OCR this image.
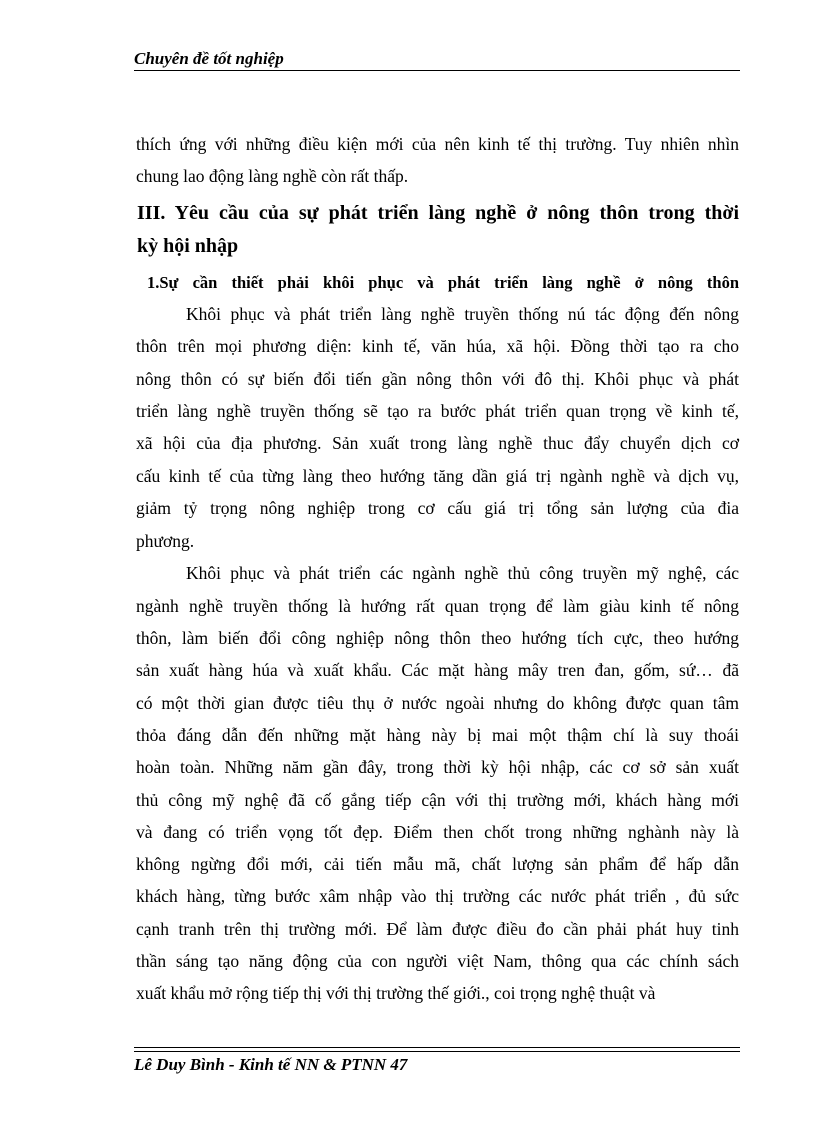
Chuyên đề tốt nghiệp
thích ứng với những điều kiện mới của nên kinh tế thị trường. Tuy nhiên nhìn
chung lao động làng nghề còn rất thấp.
III. Yêu cầu của sự phát triển làng nghề ở nông thôn trong thời
kỳ hội nhập
1.Sự cần thiết phải khôi phục và phát triển làng nghề ở nông thôn
Khôi phục và phát triển làng nghề truyền thống nú tác động đến nông
thôn trên mọi phương diện: kinh tế, văn húa, xã hội. Đồng thời tạo ra cho
nông thôn có sự biến đổi tiến gần nông thôn với đô thị. Khôi phục và phát
triển làng nghề truyền thống sẽ tạo ra bước phát triển quan trọng về kinh tế,
xã hội của địa phương. Sản xuất trong làng nghề thuc đẩy chuyển dịch cơ
cấu kinh tế của từng làng theo hướng tăng dần giá trị ngành nghề và dịch vụ,
giảm tỷ trọng nông nghiệp trong cơ cấu giá trị tổng sản lượng của đia
phương.
Khôi phục và phát triển các ngành nghề thủ công truyền mỹ nghệ, các
ngành nghề truyền thống là hướng rất quan trọng để làm giàu kinh tế nông
thôn, làm biến đổi công nghiệp nông thôn theo hướng tích cực, theo hướng
sản xuất hàng húa và xuất khẩu. Các mặt hàng mây tren đan, gốm, sứ… đã
có một thời gian được tiêu thụ ở nước ngoài nhưng do không được quan tâm
thỏa đáng dẫn đến những mặt hàng này bị mai một thậm chí là suy thoái
hoàn toàn. Những năm gần đây, trong thời kỳ hội nhập, các cơ sở sản xuất
thủ công mỹ nghệ đã cố gắng tiếp cận với thị trường mới, khách hàng mới
và đang có triển vọng tốt đẹp. Điểm then chốt trong những nghành này là
không ngừng đổi mới, cải tiến mẫu mã, chất lượng sản phẩm để hấp dẫn
khách hàng, từng bước xâm nhập vào thị trường các nước phát triển , đủ sức
cạnh tranh trên thị trường mới. Để làm được điều đo cần phải phát huy tinh
thần sáng tạo năng động của con người việt Nam, thông qua các chính sách
xuất khẩu mở rộng tiếp thị với thị trường thế giới., coi trọng nghệ thuật và
Lê Duy Bình - Kinh tế NN & PTNN 47
